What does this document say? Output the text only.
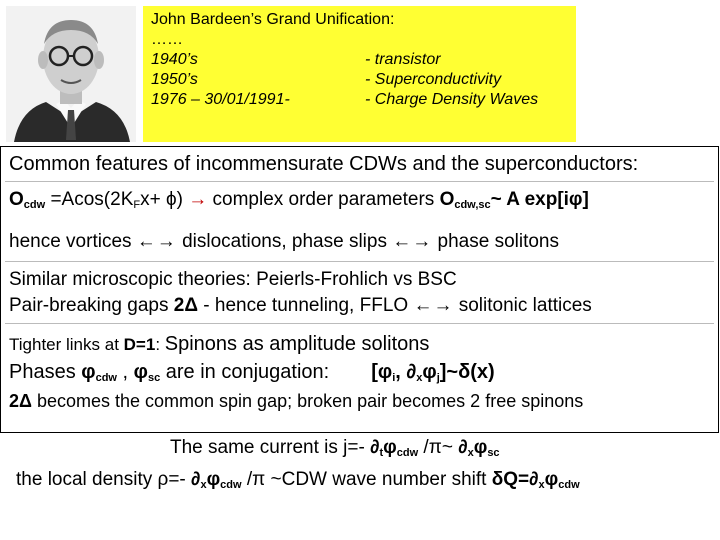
John Bardeen’s Grand Unification:
……
1940’s	- transistor
1950’s	- Superconductivity
1976 – 30/01/1991-	- Charge Density Waves
Common features of incommensurate CDWs and the superconductors:
$O_{cdw} =Acos(2K_Fx+ \phi)$ → complex order parameters $O_{cdw,sc}\sim$ A exp[iφ]
hence vortices ←→ dislocations, phase slips ←→ phase solitons
Similar microscopic theories: Peierls-Frohlich vs BSC
Pair-breaking gaps 2Δ - hence tunneling, FFLO ←→ solitonic lattices
Tighter links at D=1: Spinons as amplitude solitons
Phases $\varphi_{cdw}$ , $\varphi_{sc}$ are in conjugation: [$\varphi_i$, $\partial_x\varphi_j]\sim\delta(x)$
2Δ becomes the common spin gap; broken pair becomes 2 free spinons
The same current is j=- $\partial_t\varphi_{cdw}$ /π~ $\partial_x\varphi_{sc}$
the local density ρ=- $\partial_x\varphi_{cdw}$ /π ~CDW wave number shift $\delta Q=\partial_x\varphi_{cdw}$
